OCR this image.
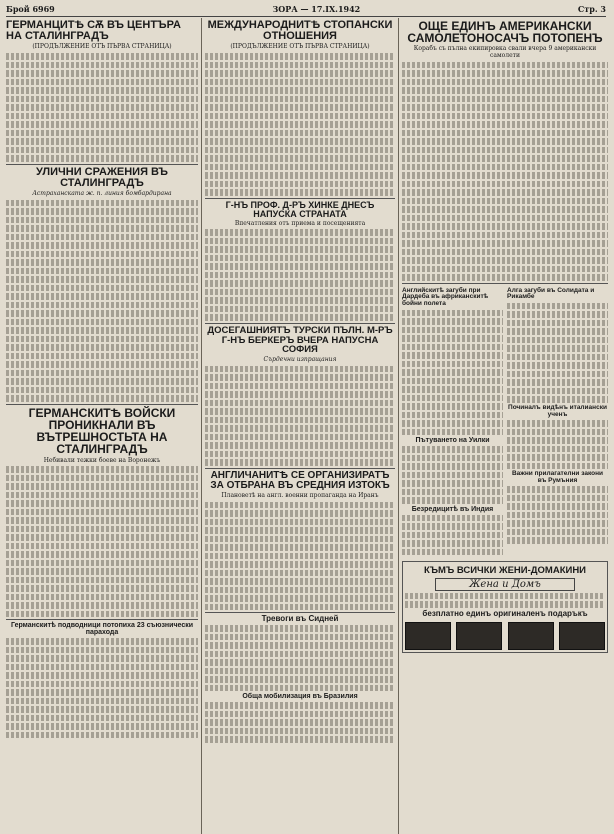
Брой 6969	ЗОРА — 17.IX.1942	Стр. 3
ГЕРМАНЦИТѢ СѪ ВЪ ЦЕНТЪРА НА СТАЛИНГРАДЪ
(ПРОДЪЛЖЕНИЕ ОТЪ ПЪРВА СТРАНИЦА)
УЛИЧНИ СРАЖЕНИЯ ВЪ СТАЛИНГРАДЪ
Астраханската ж. п. линия бомбардирана
ГЕРМАНСКИТѢ ВОЙСКИ ПРОНИКНАЛИ ВЪ ВЪТРЕШНОСТЬТА НА СТАЛИНГРАДЪ
Небивали тежки боеве на Воронежъ
Германскитѣ подводници потопиха 23 съюзнически парахода
МЕЖДУНАРОДНИТѢ СТОПАНСКИ ОТНОШЕНИЯ
(ПРОДЪЛЖЕНИЕ ОТЪ ПЪРВА СТРАНИЦА)
Г-НЪ ПРОФ. Д-РЪ ХИНКЕ ДНЕСЪ НАПУСКА СТРАНАТА
Впечатления отъ приема и посещенията
ДОСЕГАШНИЯТЪ ТУРСКИ ПЪЛН. М-РЪ Г-НЪ БЕРКЕРЪ ВЧЕРА НАПУСНА СОФИЯ
Сърдечни изпращания
АНГЛИЧАНИТѢ СЕ ОРГАНИЗИРАТЪ ЗА ОТБРАНА ВЪ СРЕДНИЯ ИЗТОКЪ
Плановетѣ на англ. военни пропаганда на Иранъ
Тревоги въ Сидней
Обща мобилизация въ Бразилия
ОЩЕ ЕДИНЪ АМЕРИКАНСКИ САМОЛЕТОНОСАЧЪ ПОТОПЕНЪ
Корабъ съ пълна екипировка свали вчера 9 американски самолети
Английскитѣ загуби при Дардеба въ африканскитѣ бойни полета
Пътуването на Уилки
Безредицитѣ въ Индия
Алга загуби въ Солидата и Рикамбе
Починалъ видѣнъ италиански ученъ
Важни прилагателни закони въ Румъния
КЪМЪ ВСИЧКИ ЖЕНИ-ДОМАКИНИ
Жена и Домъ
безплатно единъ оригиналенъ подаръкъ
